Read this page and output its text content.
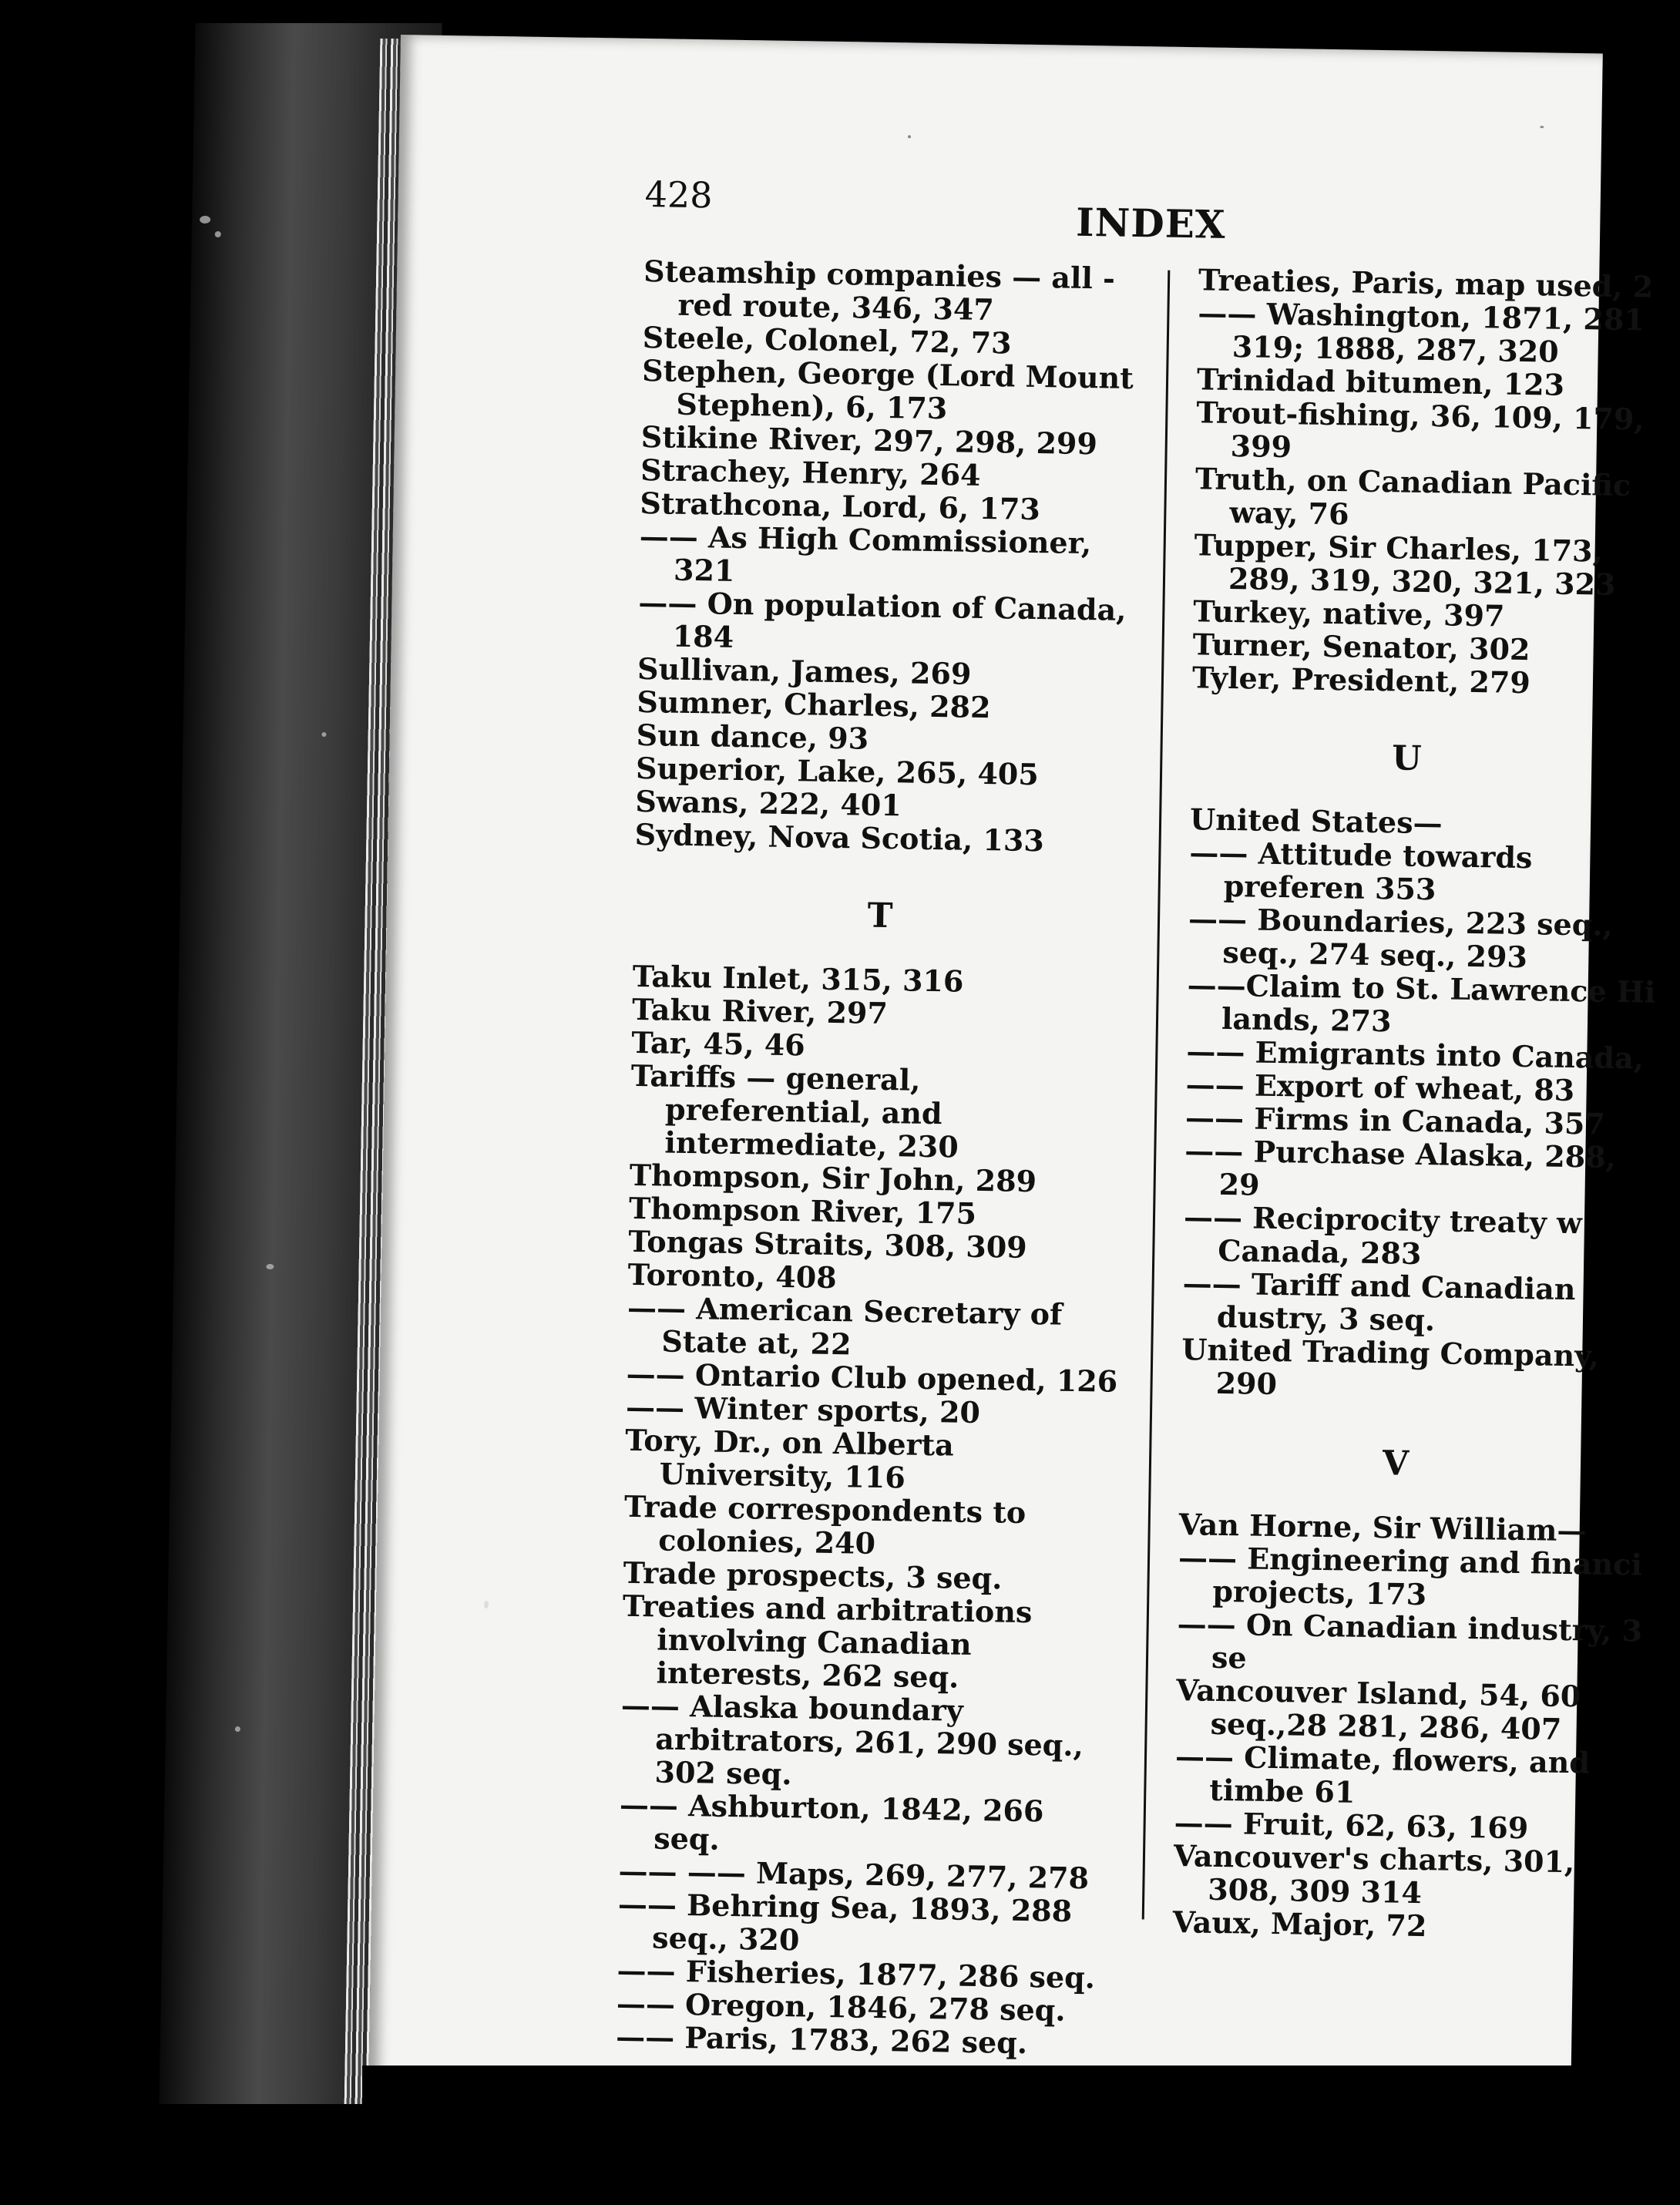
428
INDEX

Steamship companies — all - red route, 346, 347

Steele, Colonel, 72, 73

Stephen, George (Lord Mount Stephen), 6, 173

Stikine River, 297, 298, 299

Strachey, Henry, 264

Strathcona, Lord, 6, 173

—— As High Commissioner, 321

—— On population of Canada, 184

Sullivan, James, 269

Sumner, Charles, 282

Sun dance, 93

Superior, Lake, 265, 405

Swans, 222, 401

Sydney, Nova Scotia, 133

T

Taku Inlet, 315, 316

Taku River, 297

Tar, 45, 46

Tariffs — general, preferential, and intermediate, 230

Thompson, Sir John, 289

Thompson River, 175

Tongas Straits, 308, 309

Toronto, 408

—— American Secretary of State at, 22

—— Ontario Club opened, 126

—— Winter sports, 20

Tory, Dr., on Alberta University, 116

Trade correspondents to colonies, 240

Trade prospects, 3 seq.

Treaties and arbitrations involving Canadian interests, 262 seq.

—— Alaska boundary arbitrators, 261, 290 seq., 302 seq.

—— Ashburton, 1842, 266 seq.

—— —— Maps, 269, 277, 278

—— Behring Sea, 1893, 288 seq., 320

—— Fisheries, 1877, 286 seq.

—— Oregon, 1846, 278 seq.

—— Paris, 1783, 262 seq.

Treaties, Paris, map used, 2

—— Washington, 1871, 281 319; 1888, 287, 320

Trinidad bitumen, 123

Trout-fishing, 36, 109, 179, 399

Truth, on Canadian Pacific way, 76

Tupper, Sir Charles, 173, 289, 319, 320, 321, 323

Turkey, native, 397

Turner, Senator, 302

Tyler, President, 279

U

United States—

—— Attitude towards preferen 353

—— Boundaries, 223 seq., seq., 274 seq., 293

——Claim to St. Lawrence Hi lands, 273

—— Emigrants into Canada,

—— Export of wheat, 83

—— Firms in Canada, 357

—— Purchase Alaska, 288, 29

—— Reciprocity treaty w Canada, 283

—— Tariff and Canadian dustry, 3 seq.

United Trading Company, 290

V

Van Horne, Sir William—

—— Engineering and financi projects, 173

—— On Canadian industry, 3 se

Vancouver Island, 54, 60 seq.,28 281, 286, 407

—— Climate, flowers, and timbe 61

—— Fruit, 62, 63, 169

Vancouver's charts, 301, 308, 309 314

Vaux, Major, 72
